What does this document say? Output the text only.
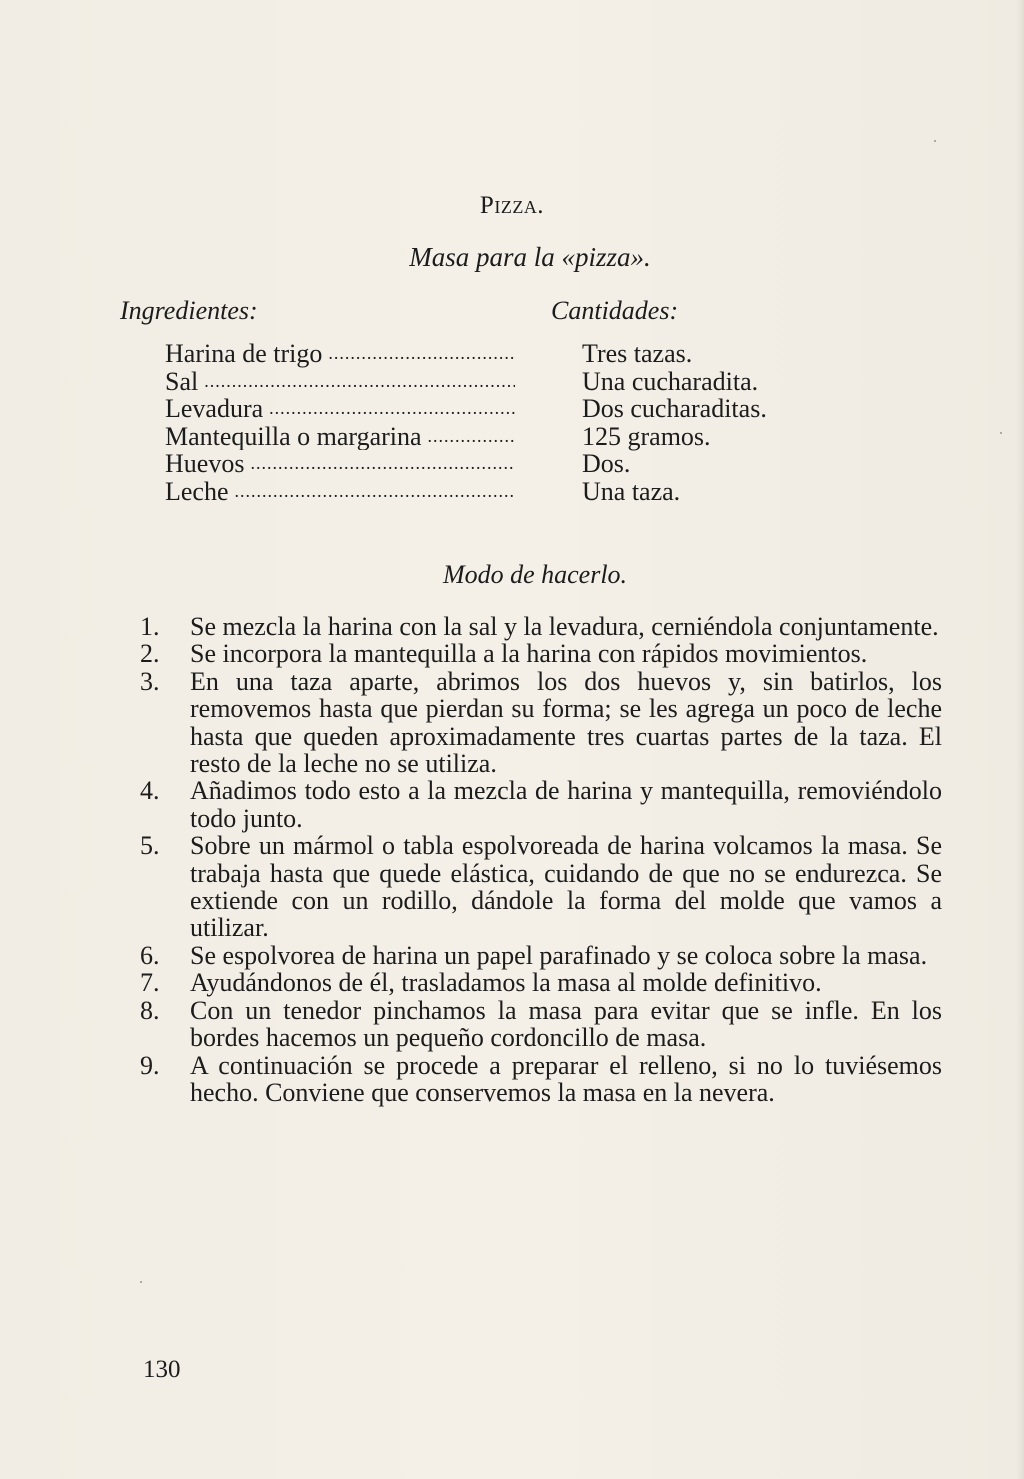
Pizza.
Masa para la «pizza».
Ingredientes:	Cantidades:
Harina de trigo .....	Tres tazas.
Sal .....	Una cucharadita.
Levadura .....	Dos cucharaditas.
Mantequilla o margarina .....	125 gramos.
Huevos .....	Dos.
Leche .....	Una taza.
Modo de hacerlo.
1.	Se mezcla la harina con la sal y la levadura, cerniéndola conjuntamente.
2.	Se incorpora la mantequilla a la harina con rápidos movimientos.
3.	En una taza aparte, abrimos los dos huevos y, sin batirlos, los removemos hasta que pierdan su forma; se les agrega un poco de leche hasta que queden aproximadamente tres cuartas partes de la taza. El resto de la leche no se utiliza.
4.	Añadimos todo esto a la mezcla de harina y mantequilla, removiéndolo todo junto.
5.	Sobre un mármol o tabla espolvoreada de harina volcamos la masa. Se trabaja hasta que quede elástica, cuidando de que no se endurezca. Se extiende con un rodillo, dándole la forma del molde que vamos a utilizar.
6.	Se espolvorea de harina un papel parafinado y se coloca sobre la masa.
7.	Ayudándonos de él, trasladamos la masa al molde definitivo.
8.	Con un tenedor pinchamos la masa para evitar que se infle. En los bordes hacemos un pequeño cordoncillo de masa.
9.	A continuación se procede a preparar el relleno, si no lo tuviésemos hecho. Conviene que conservemos la masa en la nevera.
130
